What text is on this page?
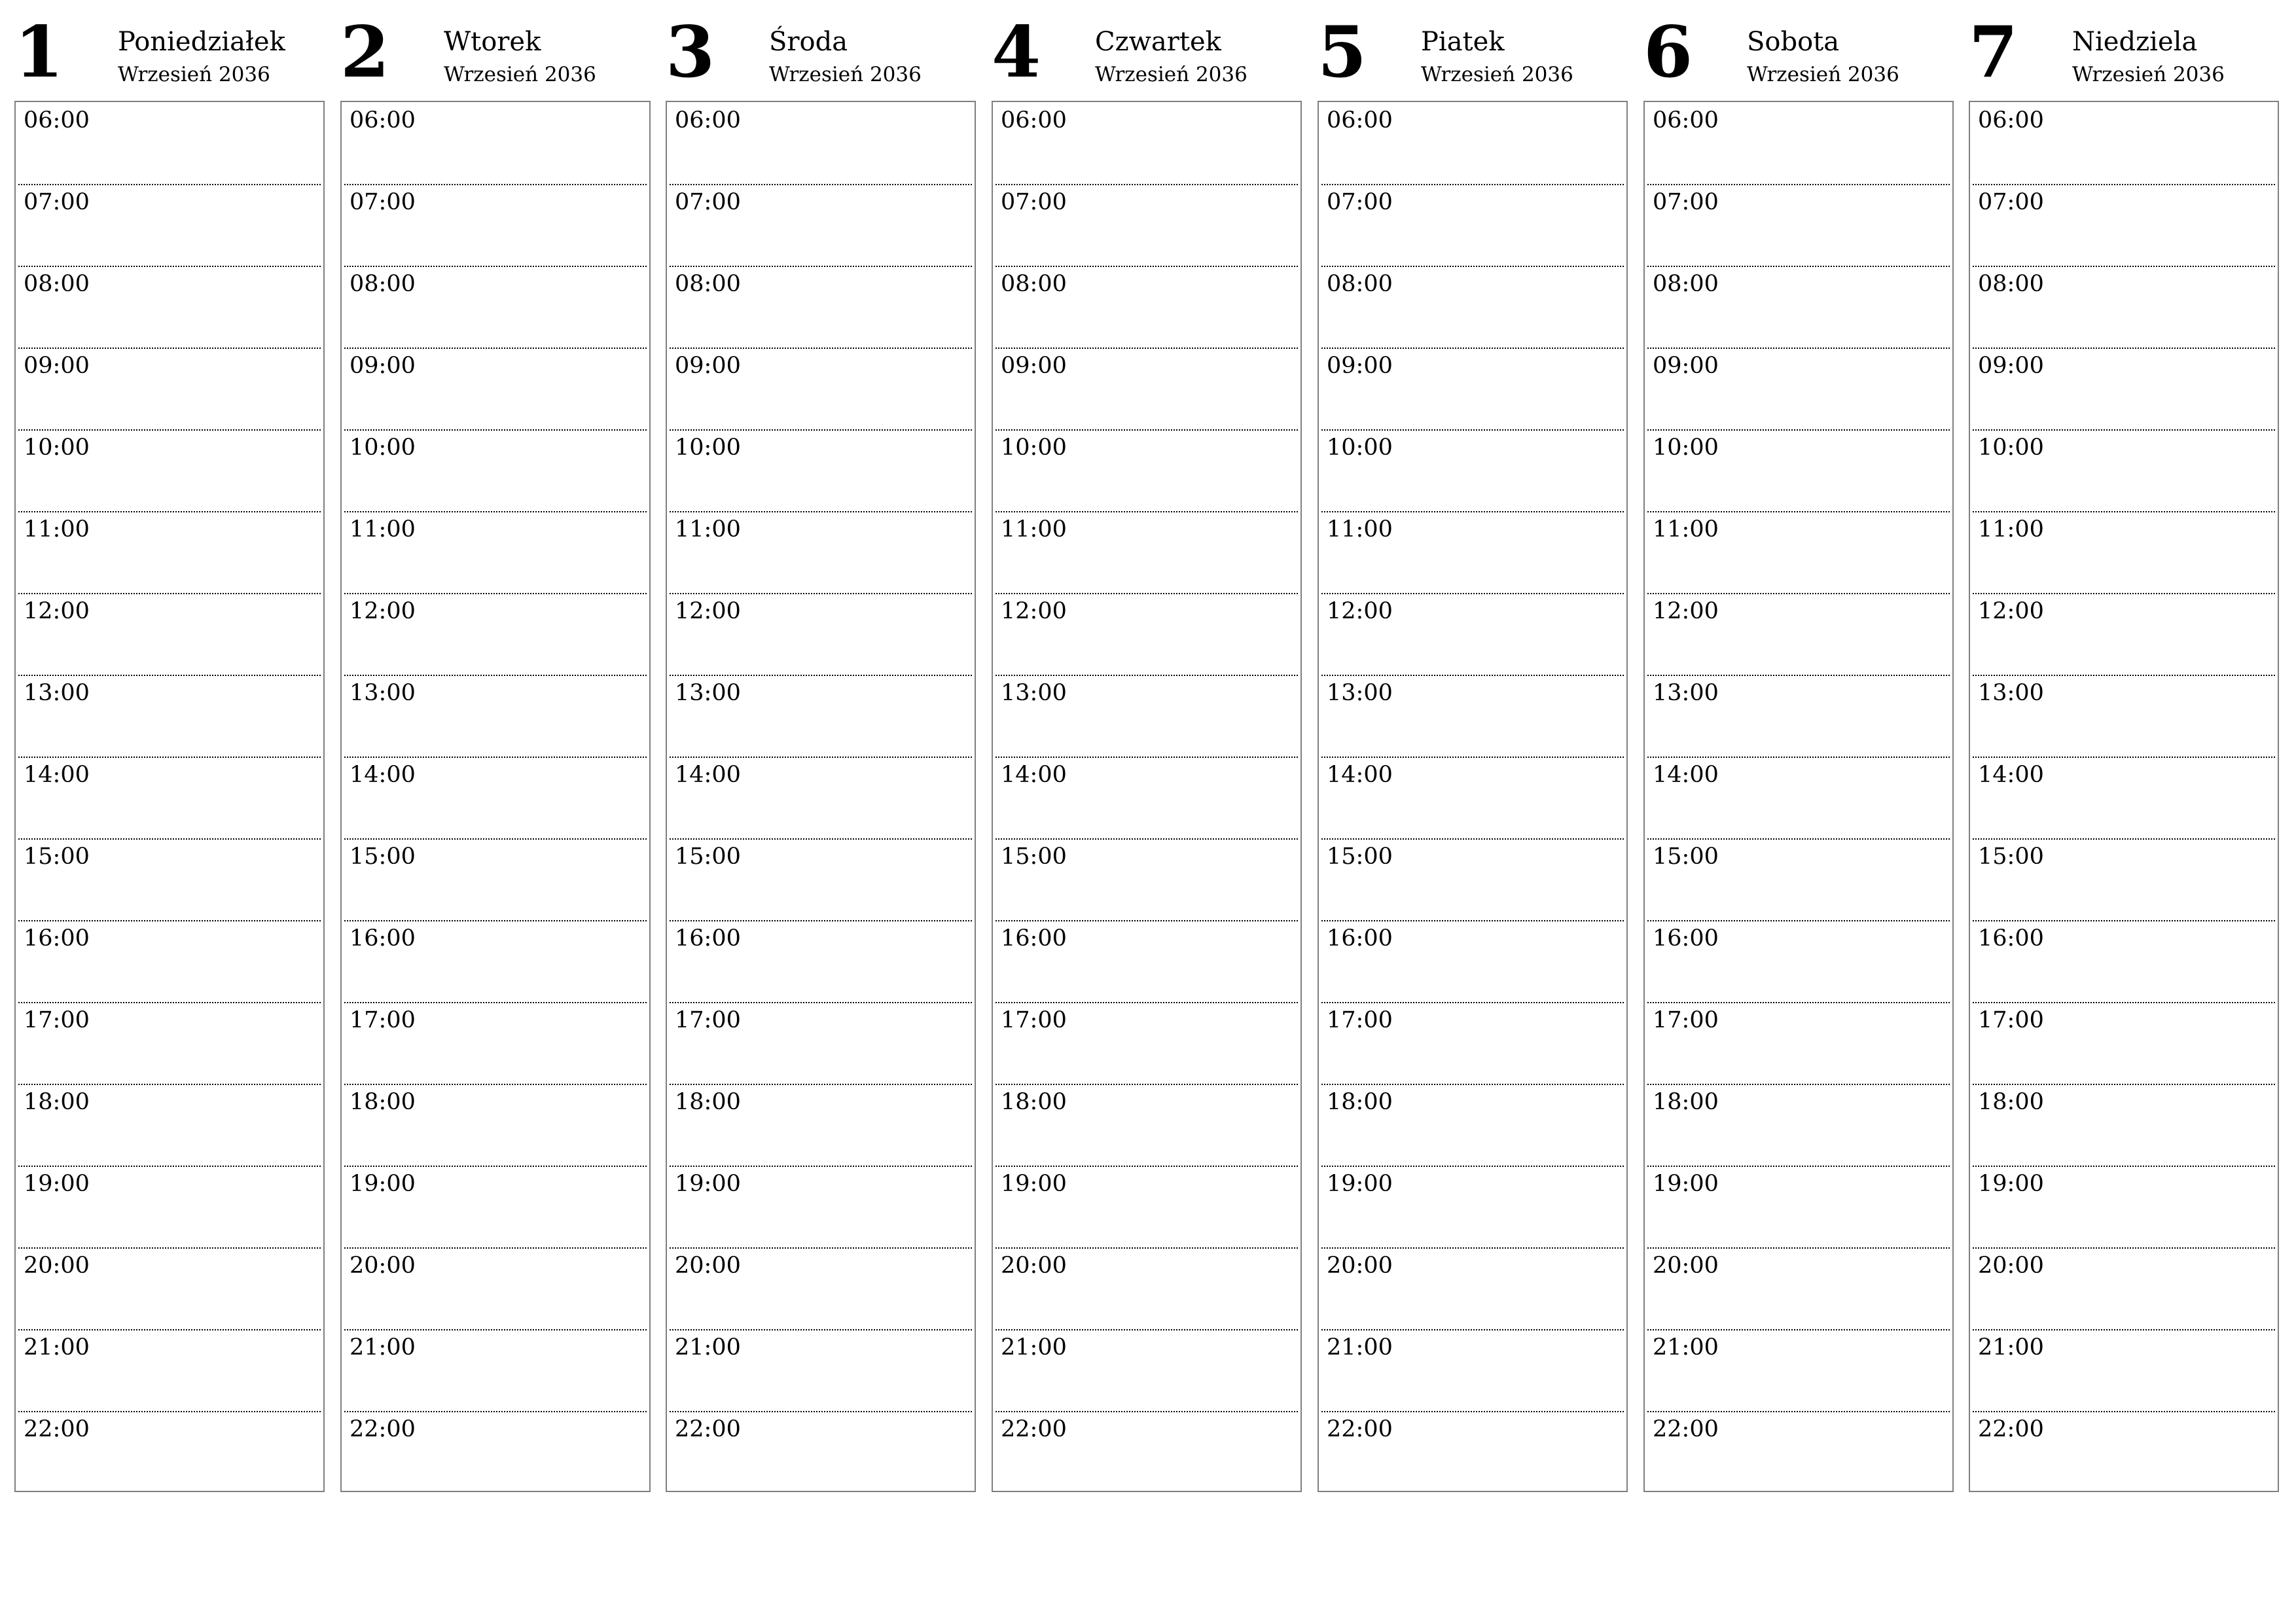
1	Poniedziałek
Wrzesień 2036
06:00
07:00
08:00
09:00
10:00
11:00
12:00
13:00
14:00
15:00
16:00
17:00
18:00
19:00
20:00
21:00
22:00
2	Wtorek
Wrzesień 2036
06:00
07:00
08:00
09:00
10:00
11:00
12:00
13:00
14:00
15:00
16:00
17:00
18:00
19:00
20:00
21:00
22:00
3	Środa
Wrzesień 2036
06:00
07:00
08:00
09:00
10:00
11:00
12:00
13:00
14:00
15:00
16:00
17:00
18:00
19:00
20:00
21:00
22:00
4	Czwartek
Wrzesień 2036
06:00
07:00
08:00
09:00
10:00
11:00
12:00
13:00
14:00
15:00
16:00
17:00
18:00
19:00
20:00
21:00
22:00
5	Piatek
Wrzesień 2036
06:00
07:00
08:00
09:00
10:00
11:00
12:00
13:00
14:00
15:00
16:00
17:00
18:00
19:00
20:00
21:00
22:00
6	Sobota
Wrzesień 2036
06:00
07:00
08:00
09:00
10:00
11:00
12:00
13:00
14:00
15:00
16:00
17:00
18:00
19:00
20:00
21:00
22:00
7	Niedziela
Wrzesień 2036
06:00
07:00
08:00
09:00
10:00
11:00
12:00
13:00
14:00
15:00
16:00
17:00
18:00
19:00
20:00
21:00
22:00
